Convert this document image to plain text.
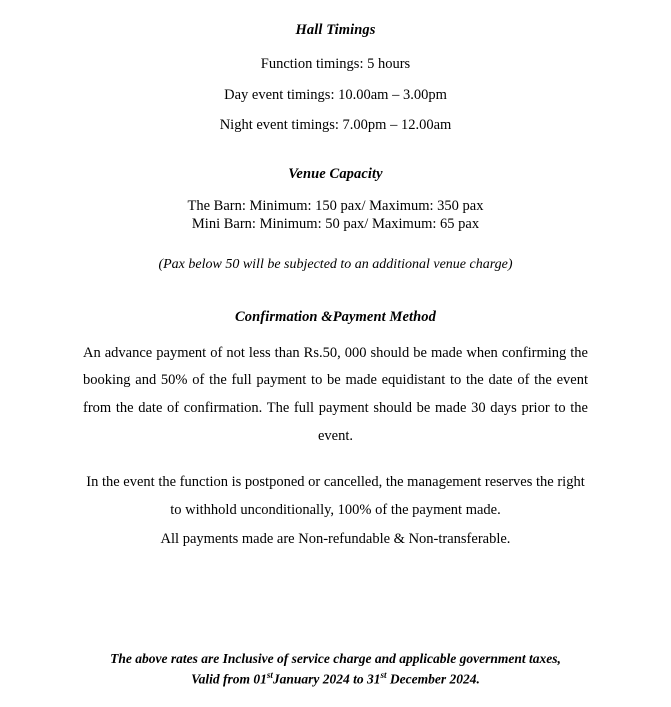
Hall Timings
Function timings: 5 hours
Day event timings: 10.00am – 3.00pm
Night event timings: 7.00pm – 12.00am
Venue Capacity
The Barn: Minimum: 150 pax/ Maximum: 350 pax
Mini Barn: Minimum: 50 pax/ Maximum: 65 pax
(Pax below 50 will be subjected to an additional venue charge)
Confirmation &Payment Method
An advance payment of not less than Rs.50, 000 should be made when confirming the booking and 50% of the full payment to be made equidistant to the date of the event from the date of confirmation. The full payment should be made 30 days prior to the event.
In the event the function is postponed or cancelled, the management reserves the right to withhold unconditionally, 100% of the payment made.
All payments made are Non-refundable & Non-transferable.
The above rates are Inclusive of service charge and applicable government taxes,
Valid from 01stJanuary 2024 to 31st December 2024.
